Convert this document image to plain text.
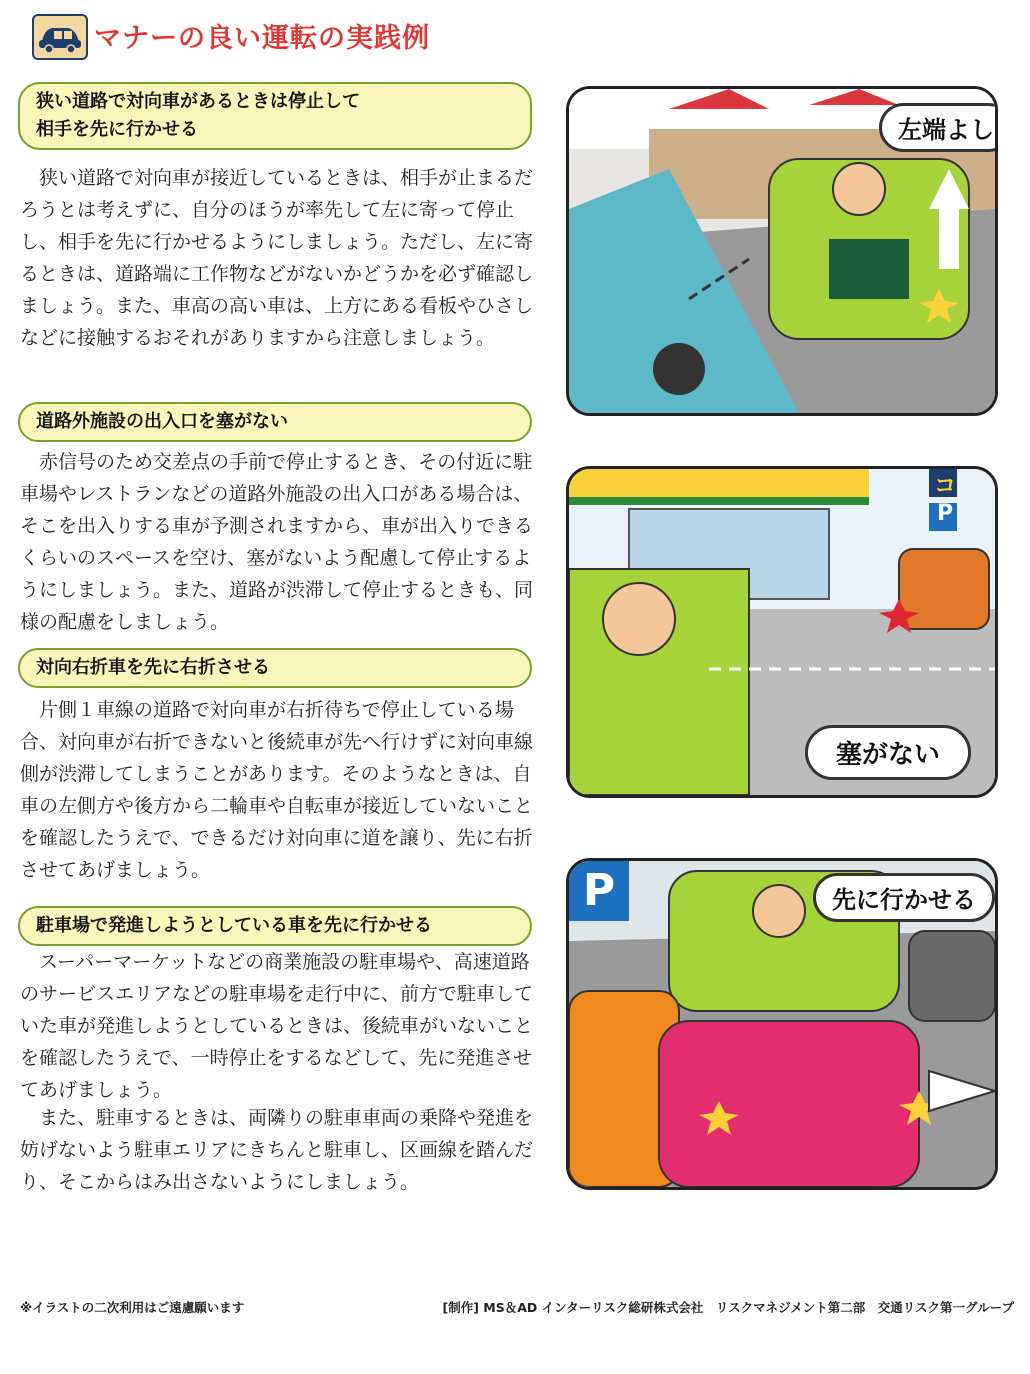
マナーの良い運転の実践例
狭い道路で対向車があるときは停止して
相手を先に行かせる

狭い道路で対向車が接近しているときは、相手が止まるだろうとは考えずに、自分のほうが率先して左に寄って停止し、相手を先に行かせるようにしましょう。ただし、左に寄るときは、道路端に工作物などがないかどうかを必ず確認しましょう。また、車高の高い車は、上方にある看板やひさしなどに接触するおそれがありますから注意しましょう。

道路外施設の出入口を塞がない

赤信号のため交差点の手前で停止するとき、その付近に駐車場やレストランなどの道路外施設の出入口がある場合は、そこを出入りする車が予測されますから、車が出入りできるくらいのスペースを空け、塞がないよう配慮して停止するようにしましょう。また、道路が渋滞して停止するときも、同様の配慮をしましょう。

対向右折車を先に右折させる

片側１車線の道路で対向車が右折待ちで停止している場合、対向車が右折できないと後続車が先へ行けずに対向車線側が渋滞してしまうことがあります。そのようなときは、自車の左側方や後方から二輪車や自転車が接近していないことを確認したうえで、できるだけ対向車に道を譲り、先に右折させてあげましょう。

駐車場で発進しようとしている車を先に行かせる

スーパーマーケットなどの商業施設の駐車場や、高速道路のサービスエリアなどの駐車場を走行中に、前方で駐車していた車が発進しようとしているときは、後続車がいないことを確認したうえで、一時停止をするなどして、先に発進させてあげましょう。

また、駐車するときは、両隣りの駐車車両の乗降や発進を妨げないよう駐車エリアにきちんと駐車し、区画線を踏んだり、そこからはみ出さないようにしましょう。

左端よし
コ
P
塞がない
P	先に行かせる
※イラストの二次利用はご遠慮願います	[制作] MS＆AD インターリスク総研株式会社　リスクマネジメント第二部　交通リスク第一グループ
